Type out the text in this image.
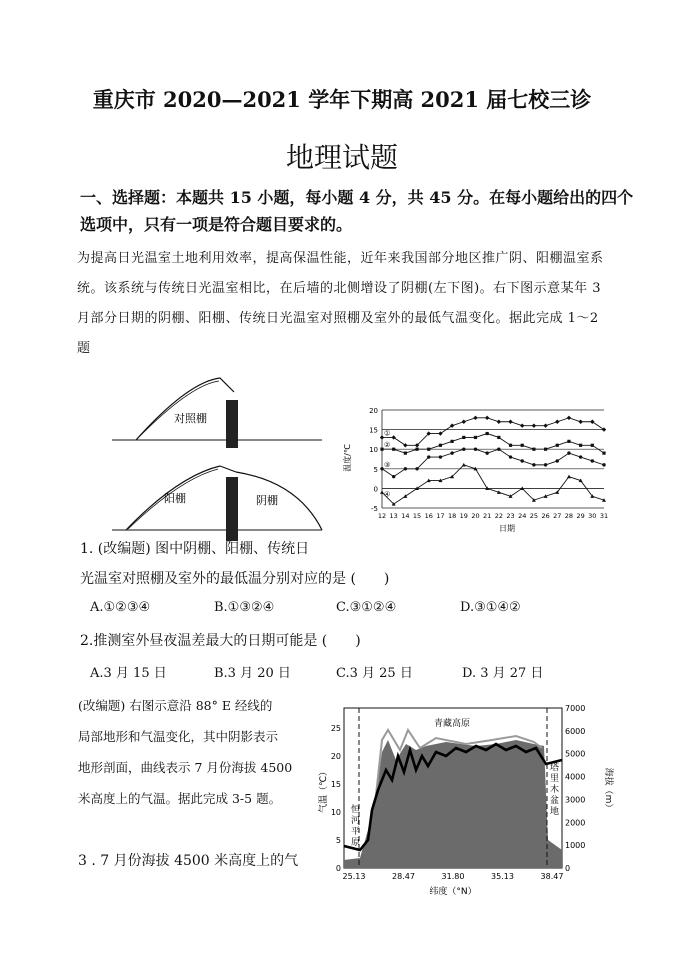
重庆市 2020—2021 学年下期高 2021 届七校三诊
地理试题
一、选择题：本题共 15 小题，每小题 4 分，共 45 分。在每小题给出的四个
选项中，只有一项是符合题目要求的。
为提高日光温室土地利用效率，提高保温性能，近年来我国部分地区推广阴、阳棚温室系
统。该系统与传统日光温室相比，在后墙的北侧增设了阴棚(左下图)。右下图示意某年 3
月部分日期的阴棚、阳棚、传统日光温室对照棚及室外的最低气温变化。据此完成 1～2
题
对照棚
阳棚	阴棚
①
②
③
④
-5
0
5
10
15
20
12 13 14 15 16 17 18 19 20 21 22 23 24 25 26 27 28 29 30 31
温度/℃
日期
1. (改编题) 图中阴棚、阳棚、传统日
光温室对照棚及室外的最低温分别对应的是 (　　)
A.①②③④	B.①③②④	C.③①②④	D.③①④②
2.推测室外昼夜温差最大的日期可能是 (　　)
A.3 月 15 日	B.3 月 20 日	C.3 月 25 日	D. 3 月 27 日
(改编题) 右图示意沿 88° E 经线的
局部地形和气温变化，其中阴影表示
地形剖面，曲线表示 7 月份海拔 4500
米高度上的气温。据此完成 3-5 题。
3 . 7 月份海拔 4500 米高度上的气
恒
河
平
原
青藏高原
塔
里
木
盆
地
25
20
15
10
5
0
7000
6000
5000
4000
3000
2000
1000
0
25.13	28.47	31.80	35.13	38.47
气温（℃）	海拔（m）
纬度（°N）
